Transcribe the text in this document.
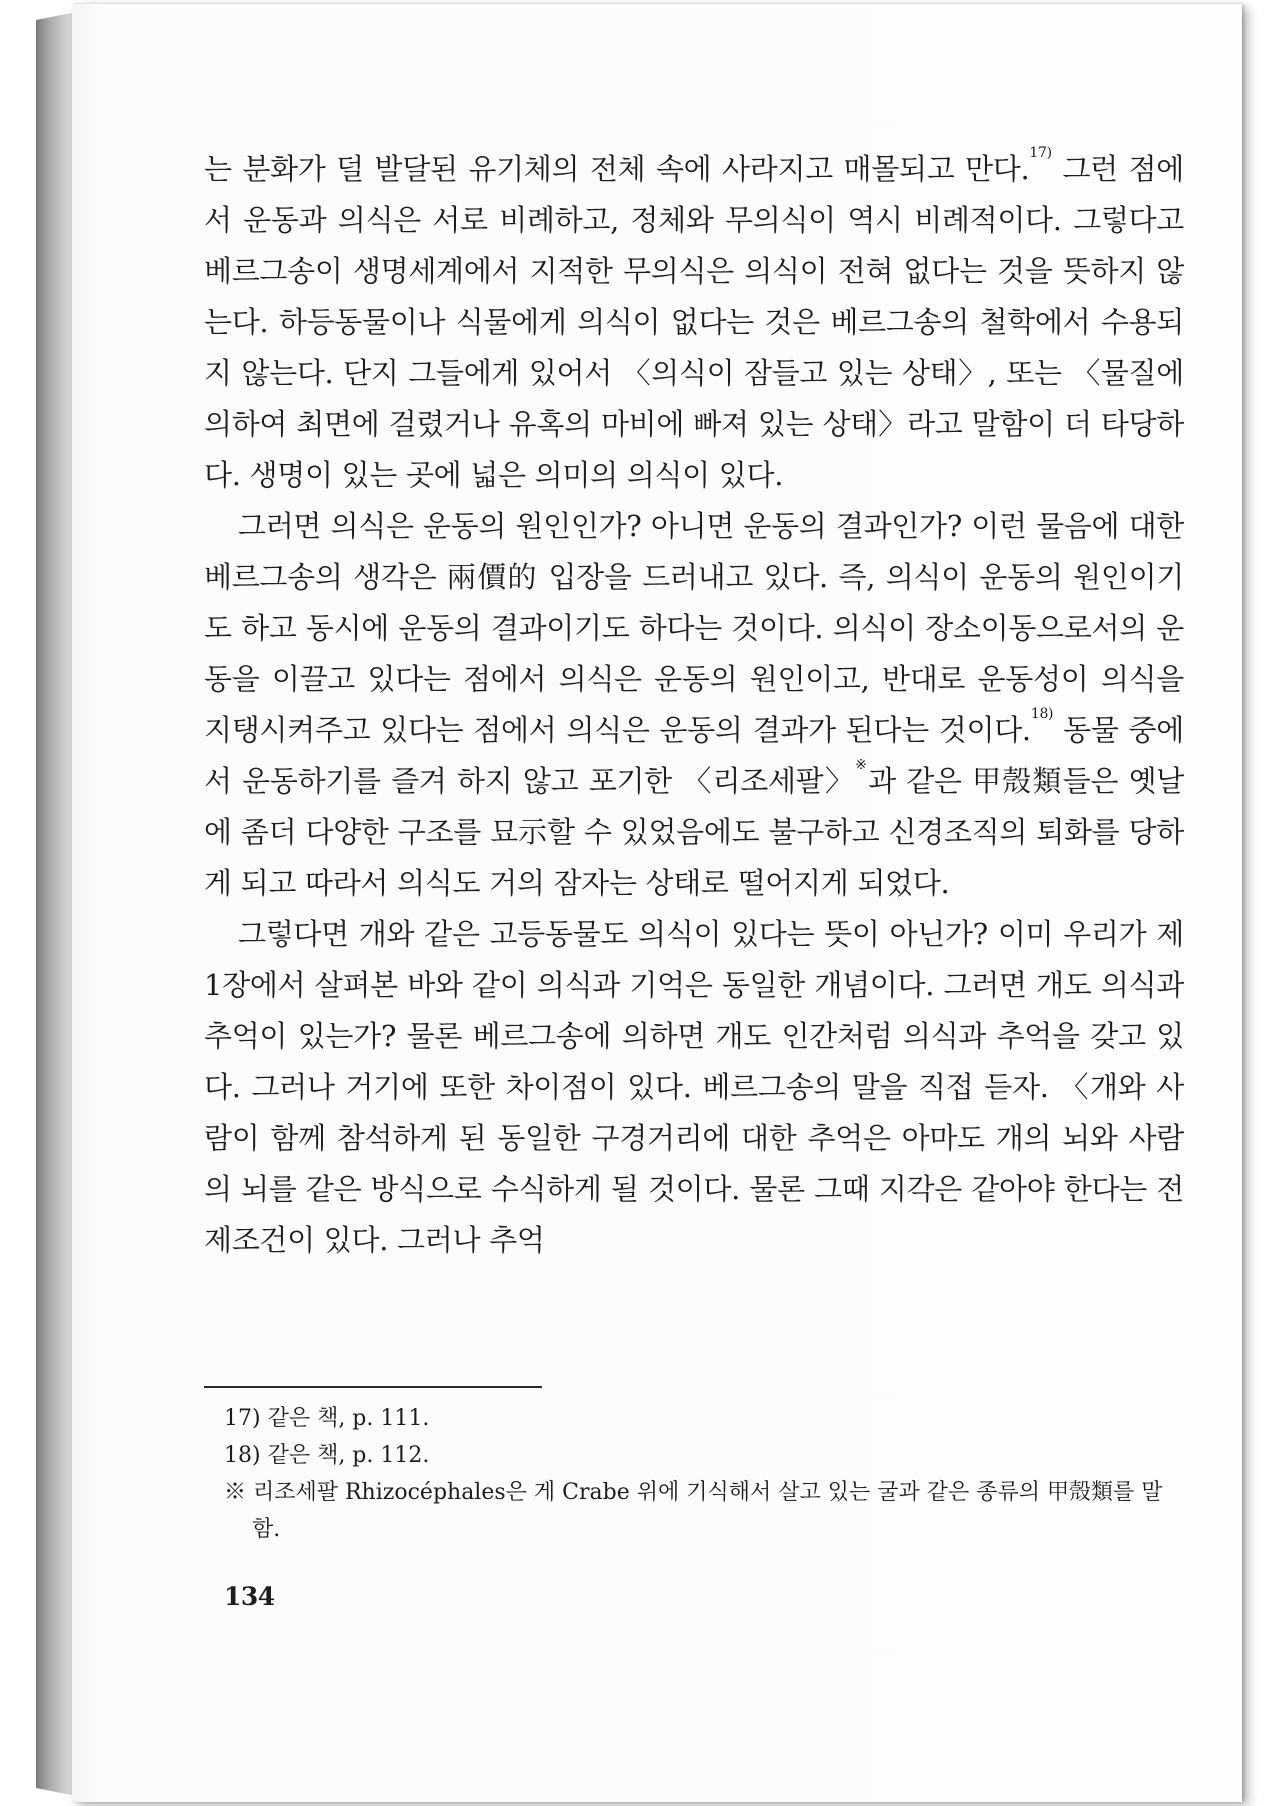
는 분화가 덜 발달된 유기체의 전체 속에 사라지고 매몰되고 만다.$^{17)}$ 그런 점에서 운동과 의식은 서로 비례하고, 정체와 무의식이 역시 비례적이다. 그렇다고 베르그송이 생명세계에서 지적한 무의식은 의식이 전혀 없다는 것을 뜻하지 않는다. 하등동물이나 식물에게 의식이 없다는 것은 베르그송의 철학에서 수용되지 않는다. 단지 그들에게 있어서 〈의식이 잠들고 있는 상태〉, 또는 〈물질에 의하여 최면에 걸렸거나 유혹의 마비에 빠져 있는 상태〉라고 말함이 더 타당하다. 생명이 있는 곳에 넓은 의미의 의식이 있다.

그러면 의식은 운동의 원인인가? 아니면 운동의 결과인가? 이런 물음에 대한 베르그송의 생각은 兩價的 입장을 드러내고 있다. 즉, 의식이 운동의 원인이기도 하고 동시에 운동의 결과이기도 하다는 것이다. 의식이 장소이동으로서의 운동을 이끌고 있다는 점에서 의식은 운동의 원인이고, 반대로 운동성이 의식을 지탱시켜주고 있다는 점에서 의식은 운동의 결과가 된다는 것이다.$^{18)}$ 동물 중에서 운동하기를 즐겨 하지 않고 포기한 〈리조세팔〉※과 같은 甲殼類들은 옛날에 좀더 다양한 구조를 묘示할 수 있었음에도 불구하고 신경조직의 퇴화를 당하게 되고 따라서 의식도 거의 잠자는 상태로 떨어지게 되었다.

그렇다면 개와 같은 고등동물도 의식이 있다는 뜻이 아닌가? 이미 우리가 제1장에서 살펴본 바와 같이 의식과 기억은 동일한 개념이다. 그러면 개도 의식과 추억이 있는가? 물론 베르그송에 의하면 개도 인간처럼 의식과 추억을 갖고 있다. 그러나 거기에 또한 차이점이 있다. 베르그송의 말을 직접 듣자. 〈개와 사람이 함께 참석하게 된 동일한 구경거리에 대한 추억은 아마도 개의 뇌와 사람의 뇌를 같은 방식으로 수식하게 될 것이다. 물론 그때 지각은 같아야 한다는 전제조건이 있다. 그러나 추억

17) 같은 책, p. 111.

18) 같은 책, p. 112.

※ 리조세팔 Rhizocéphales은 게 Crabe 위에 기식해서 살고 있는 굴과 같은 종류의 甲殼類를 말함.

134
